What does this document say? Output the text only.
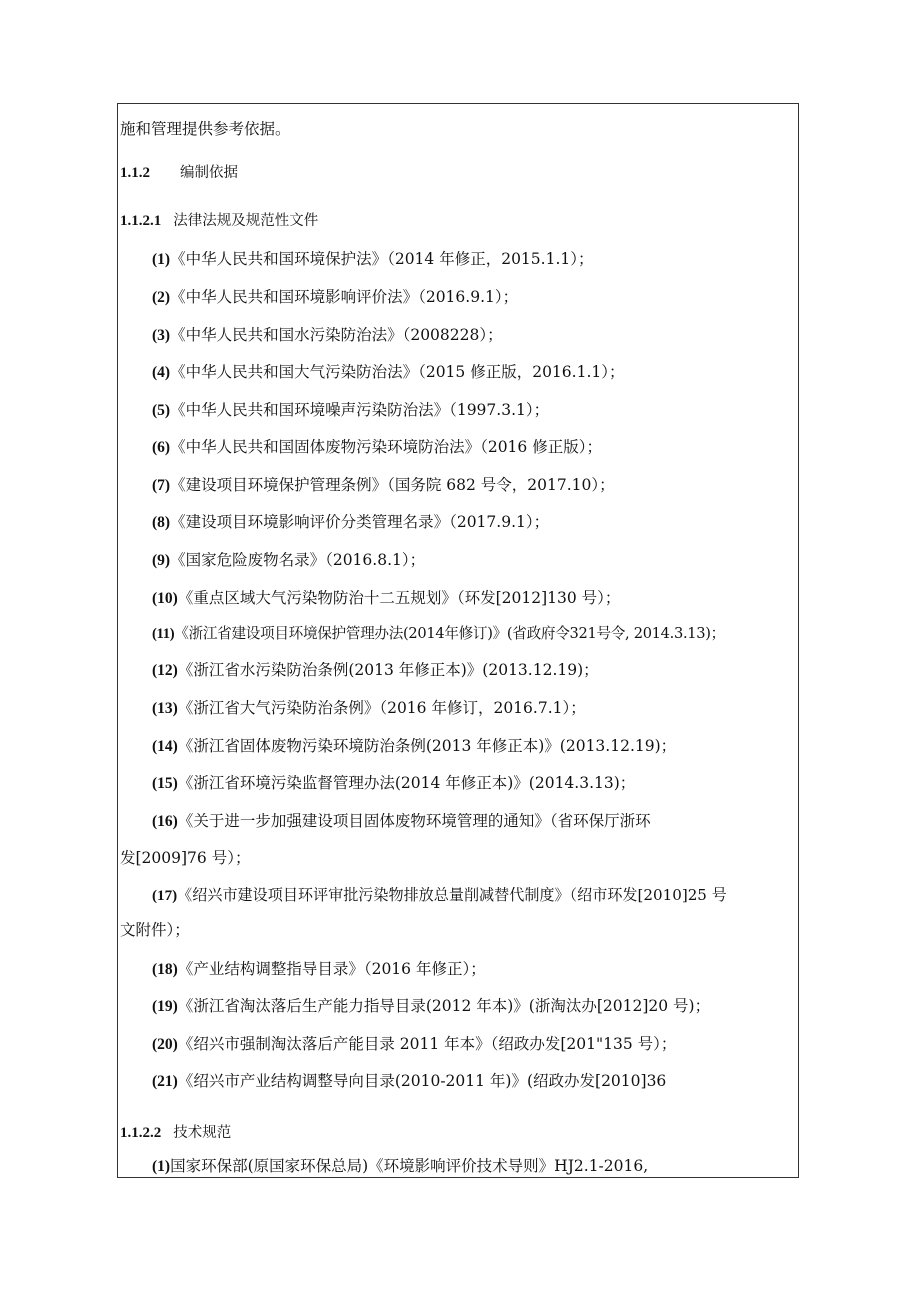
施和管理提供参考依据。
1.1.2 编制依据
1.1.2.1 法律法规及规范性文件
(1)《中华人民共和国环境保护法》（2014 年修正，2015.1.1）；
(2)《中华人民共和国环境影响评价法》（2016.9.1）；
(3)《中华人民共和国水污染防治法》（2008228）；
(4)《中华人民共和国大气污染防治法》（2015 修正版，2016.1.1）；
(5)《中华人民共和国环境噪声污染防治法》（1997.3.1）；
(6)《中华人民共和国固体废物污染环境防治法》（2016 修正版）；
(7)《建设项目环境保护管理条例》（国务院 682 号令，2017.10）；
(8)《建设项目环境影响评价分类管理名录》（2017.9.1）；
(9)《国家危险废物名录》（2016.8.1）；
(10)《重点区域大气污染物防治十二五规划》（环发[2012]130 号）；
(11)《浙江省建设项目环境保护管理办法(2014年修订)》(省政府令321号令, 2014.3.13)；
(12)《浙江省水污染防治条例(2013 年修正本)》(2013.12.19)；
(13)《浙江省大气污染防治条例》（2016 年修订，2016.7.1）；
(14)《浙江省固体废物污染环境防治条例(2013 年修正本)》(2013.12.19)；
(15)《浙江省环境污染监督管理办法(2014 年修正本)》(2014.3.13)；
(16)《关于进一步加强建设项目固体废物环境管理的通知》（省环保厅浙环
发[2009]76 号）；
(17)《绍兴市建设项目环评审批污染物排放总量削减替代制度》（绍市环发[2010]25 号
文附件）；
(18)《产业结构调整指导目录》（2016 年修正）；
(19)《浙江省淘汰落后生产能力指导目录(2012 年本)》(浙淘汰办[2012]20 号)；
(20)《绍兴市强制淘汰落后产能目录 2011 年本》（绍政办发[201"135 号）；
(21)《绍兴市产业结构调整导向目录(2010-2011 年)》(绍政办发[2010]36
1.1.2.2 技术规范
(1)国家环保部(原国家环保总局)《环境影响评价技术导则》HJ2.1-2016,
